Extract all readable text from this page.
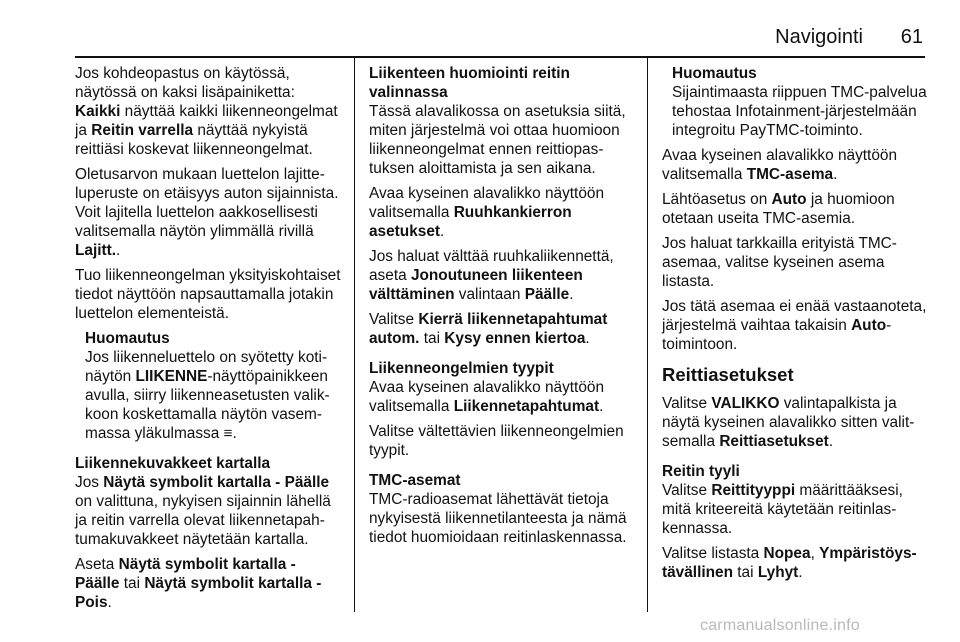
Navigointi 61

Jos kohdeopastus on käytössä, näytössä on kaksi lisäpainiketta: Kaikki näyttää kaikki liikenneongelmat ja Reitin varrella näyttää nykyistä reittiäsi koskevat liikenneongelmat.

Oletusarvon mukaan luettelon lajitteluperuste on etäisyys auton sijainnista. Voit lajitella luettelon aakkosellisesti valitsemalla näytön ylimmällä rivillä Lajitt..

Tuo liikenneongelman yksityiskohtaiset tiedot näyttöön napsauttamalla jotakin luettelon elementeistä.

Huomautus
Jos liikenneluettelo on syötetty kotinäytön LIIKENNE-näyttöpainikkeen avulla, siirry liikenneasetusten valikkoon koskettamalla näytön vasemmassa yläkulmassa ≡.
Liikennekuvakkeet kartalla

Jos Näytä symbolit kartalla - Päälle on valittuna, nykyisen sijainnin lähellä ja reitin varrella olevat liikennetapahtumakuvakkeet näytetään kartalla.

Aseta Näytä symbolit kartalla - Päälle tai Näytä symbolit kartalla - Pois.

Liikenteen huomiointi reitin valinnassa

Tässä alavalikossa on asetuksia siitä, miten järjestelmä voi ottaa huomioon liikenneongelmat ennen reittiopastuksen aloittamista ja sen aikana.

Avaa kyseinen alavalikko näyttöön valitsemalla Ruuhkankierron asetukset.

Jos haluat välttää ruuhkaliikennettä, aseta Jonoutuneen liikenteen välttäminen valintaan Päälle.

Valitse Kierrä liikennetapahtumat autom. tai Kysy ennen kiertoa.

Liikenneongelmien tyypit

Avaa kyseinen alavalikko näyttöön valitsemalla Liikennetapahtumat.

Valitse vältettävien liikenneongelmien tyypit.

TMC-asemat

TMC-radioasemat lähettävät tietoja nykyisestä liikennetilanteesta ja nämä tiedot huomioidaan reitinlaskennassa.

Huomautus
Sijaintimaasta riippuen TMC-palvelua tehostaa Infotainment-järjestelmään integroitu PayTMC-toiminto.

Avaa kyseinen alavalikko näyttöön valitsemalla TMC-asema.

Lähtöasetus on Auto ja huomioon otetaan useita TMC-asemia.

Jos haluat tarkkailla erityistä TMC-asemaa, valitse kyseinen asema listasta.

Jos tätä asemaa ei enää vastaanoteta, järjestelmä vaihtaa takaisin Auto-toimintoon.

Reittiasetukset

Valitse VALIKKO valintapalkista ja näytä kyseinen alavalikko sitten valitsemalla Reittiasetukset.

Reitin tyyli

Valitse Reittityyppi määrittääksesi, mitä kriteereitä käytetään reitinlaskennassa.

Valitse listasta Nopea, Ympäristöystävällinen tai Lyhyt.

carmanualsonline.info
